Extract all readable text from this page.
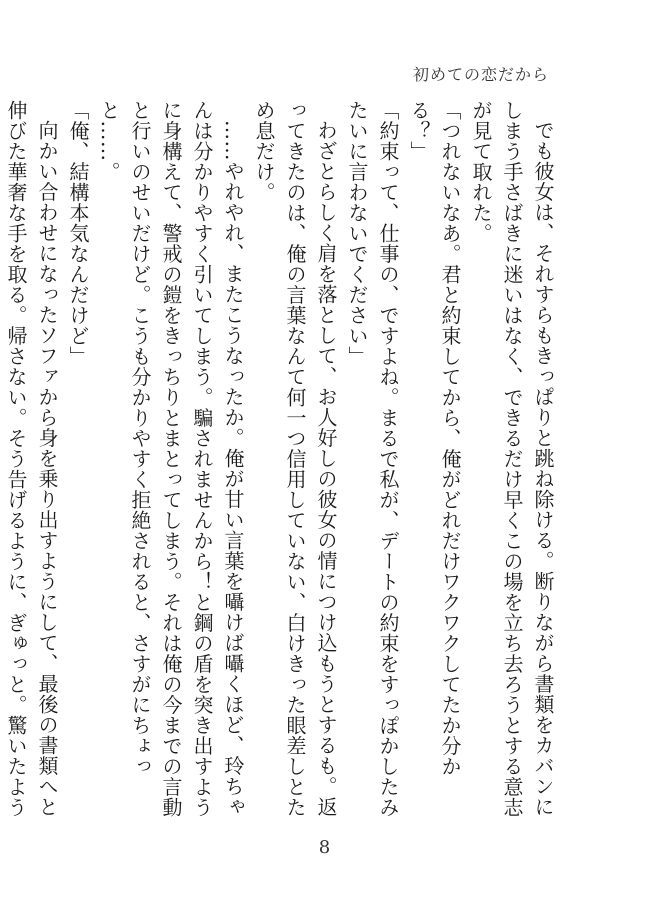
初めての恋だから

でも彼女は、それすらもきっぱりと跳ね除ける。断りながら書類をカバンにしまう手さばきに迷いはなく、できるだけ早くこの場を立ち去ろうとする意志が見て取れた。

「つれないなあ。君と約束してから、俺がどれだけワクワクしてたか分かる？」

「約束って、仕事の、ですよね。まるで私が、デートの約束をすっぽかしたみたいに言わないでください」

わざとらしく肩を落として、お人好しの彼女の情につけ込もうとするも。返ってきたのは、俺の言葉なんて何一つ信用していない、白けきった眼差しとため息だけ。

……やれやれ、またこうなったか。俺が甘い言葉を囁けば囁くほど、玲ちゃんは分かりやすく引いてしまう。騙されませんから！と鋼の盾を突き出すように身構えて、警戒の鎧をきっちりとまとってしまう。それは俺の今までの言動と行いのせいだけど。こうも分かりやすく拒絶されると、さすがにちょっと……。

「俺、結構本気なんだけど」

向かい合わせになったソファから身を乗り出すようにして、最後の書類へと伸びた華奢な手を取る。帰さない。そう告げるように、ぎゅっと。驚いたよう

8
